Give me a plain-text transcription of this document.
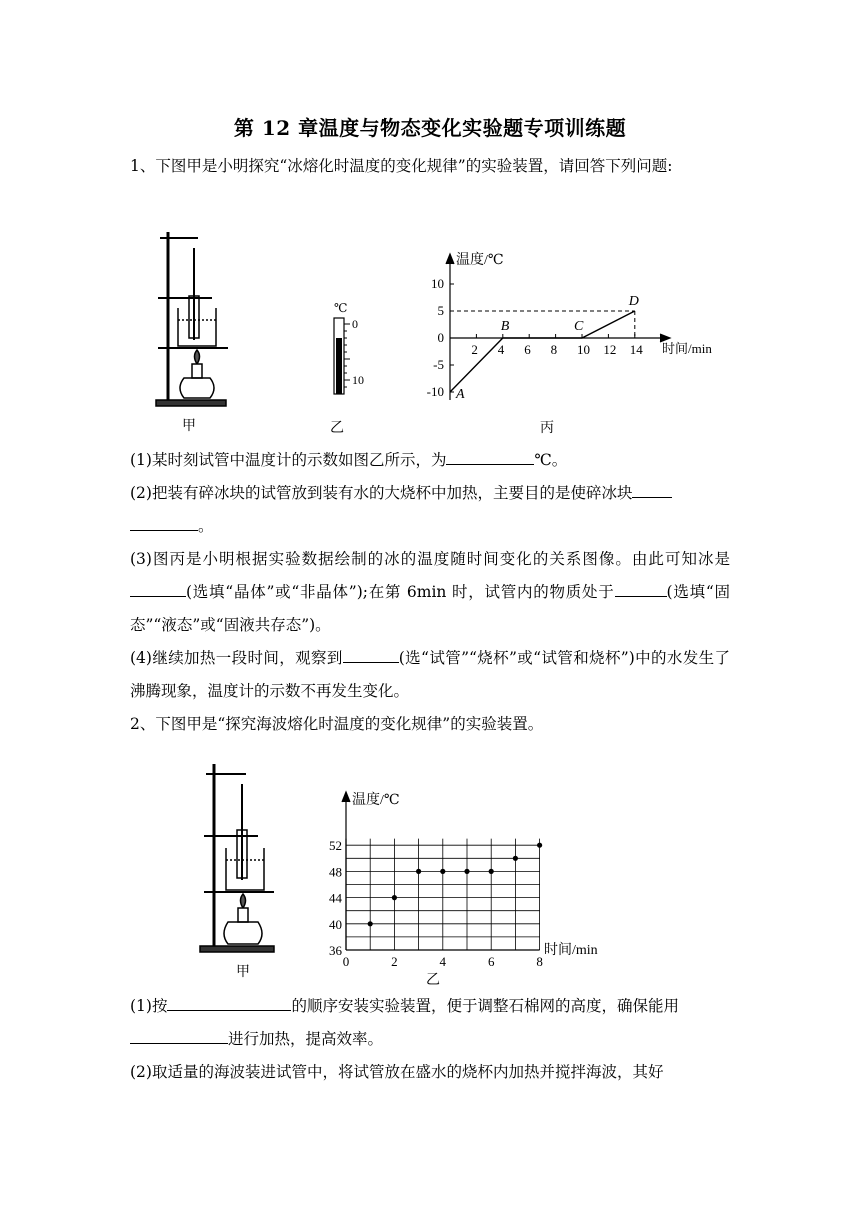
第 12 章温度与物态变化实验题专项训练题
1、下图甲是小明探究“冰熔化时温度的变化规律”的实验装置，请回答下列问题:
甲
℃
0
10
乙
2 4 6 8 10 12 14
10
5
0
-5
-10 A
B	C
D
温度/℃
时间/min
丙
(1)某时刻试管中温度计的示数如图乙所示，为	℃。
(2)把装有碎冰块的试管放到装有水的大烧杯中加热，主要目的是使碎冰块
。
(3)图丙是小明根据实验数据绘制的冰的温度随时间变化的关系图像。由此可知冰是(选填“晶体”或“非晶体”);在第 6min 时，试管内的物质处于	(选填“固态”“液态”或“固液共存态”)。
(4)继续加热一段时间，观察到	(选“试管”“烧杯”或“试管和烧杯”)中的水发生了沸腾现象，温度计的示数不再发生变化。
2、下图甲是“探究海波熔化时温度的变化规律”的实验装置。
甲
52
48
44
40
36
0	2	4	6	8
温度/℃
时间/min
乙
(1)按	的顺序安装实验装置，便于调整石棉网的高度，确保能用
进行加热，提高效率。
(2)取适量的海波装进试管中，将试管放在盛水的烧杯内加热并搅拌海波，其好
